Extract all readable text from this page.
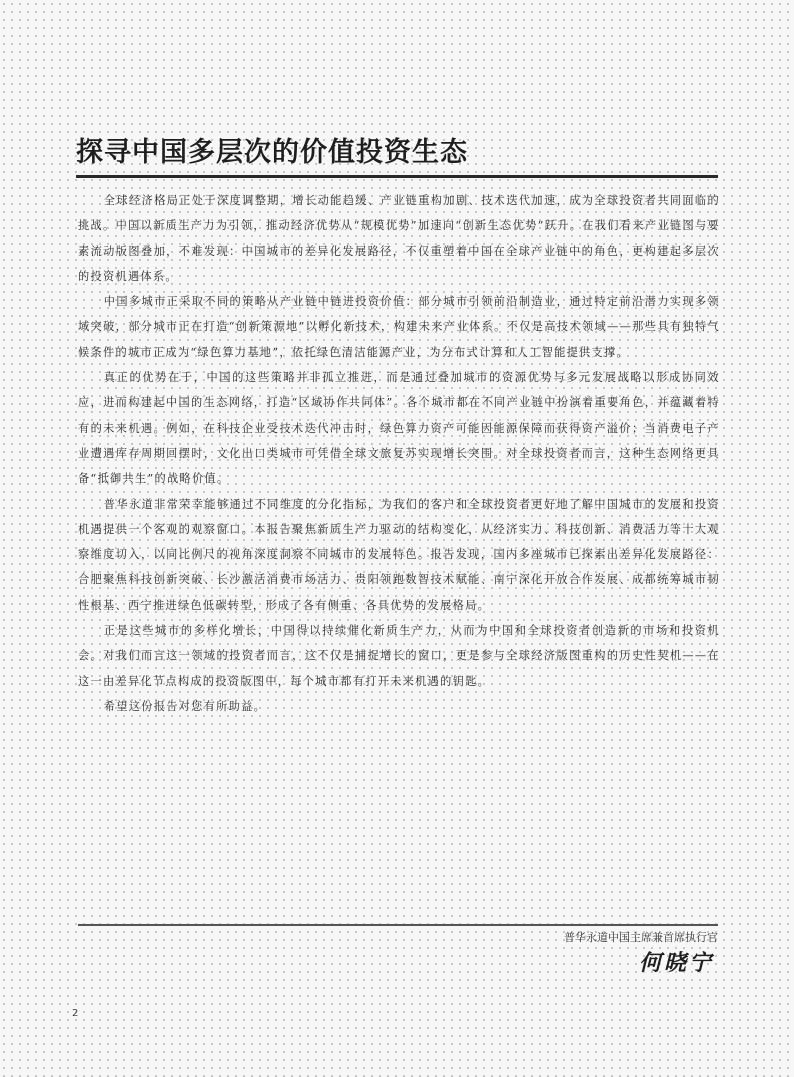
探寻中国多层次的价值投资生态

全球经济格局正处于深度调整期，增长动能趋缓、产业链重构加剧、技术迭代加速，成为全球投资者共同面临的挑战。中国以新质生产力为引领，推动经济优势从“规模优势”加速向“创新生态优势”跃升。在我们看来产业链图与要素流动版图叠加，不难发现：中国城市的差异化发展路径，不仅重塑着中国在全球产业链中的角色，更构建起多层次的投资机遇体系。

中国多城市正采取不同的策略从产业链中链进投资价值：部分城市引领前沿制造业，通过特定前沿潜力实现多领域突破，部分城市正在打造“创新策源地”以孵化新技术，构建未来产业体系。不仅是高技术领域——那些具有独特气候条件的城市正成为“绿色算力基地”，依托绿色清洁能源产业，为分布式计算和人工智能提供支撑。

真正的优势在于，中国的这些策略并非孤立推进，而是通过叠加城市的资源优势与多元发展战略以形成协同效应，进而构建起中国的生态网络，打造“区域协作共同体”。各个城市都在不同产业链中扮演着重要角色，并蕴藏着特有的未来机遇。例如，在科技企业受技术迭代冲击时，绿色算力资产可能因能源保障而获得资产溢价；当消费电子产业遭遇库存周期回摆时，文化出口类城市可凭借全球文旅复苏实现增长突围。对全球投资者而言，这种生态网络更具备“抵御共生”的战略价值。

普华永道非常荣幸能够通过不同维度的分化指标，为我们的客户和全球投资者更好地了解中国城市的发展和投资机遇提供一个客观的观察窗口。本报告聚焦新质生产力驱动的结构变化，从经济实力、科技创新、消费活力等十大观察维度切入，以同比例尺的视角深度洞察不同城市的发展特色。报告发现，国内多座城市已探索出差异化发展路径：合肥聚焦科技创新突破、长沙激活消费市场活力、贵阳领跑数智技术赋能、南宁深化开放合作发展、成都统筹城市韧性根基、西宁推进绿色低碳转型，形成了各有侧重、各具优势的发展格局。

正是这些城市的多样化增长，中国得以持续催化新质生产力，从而为中国和全球投资者创造新的市场和投资机会。对我们而言这一领域的投资者而言，这不仅是捕捉增长的窗口，更是参与全球经济版图重构的历史性契机——在这一由差异化节点构成的投资版图中，每个城市都有打开未来机遇的钥匙。

希望这份报告对您有所助益。

普华永道中国主席兼首席执行官
何晓宁
2
